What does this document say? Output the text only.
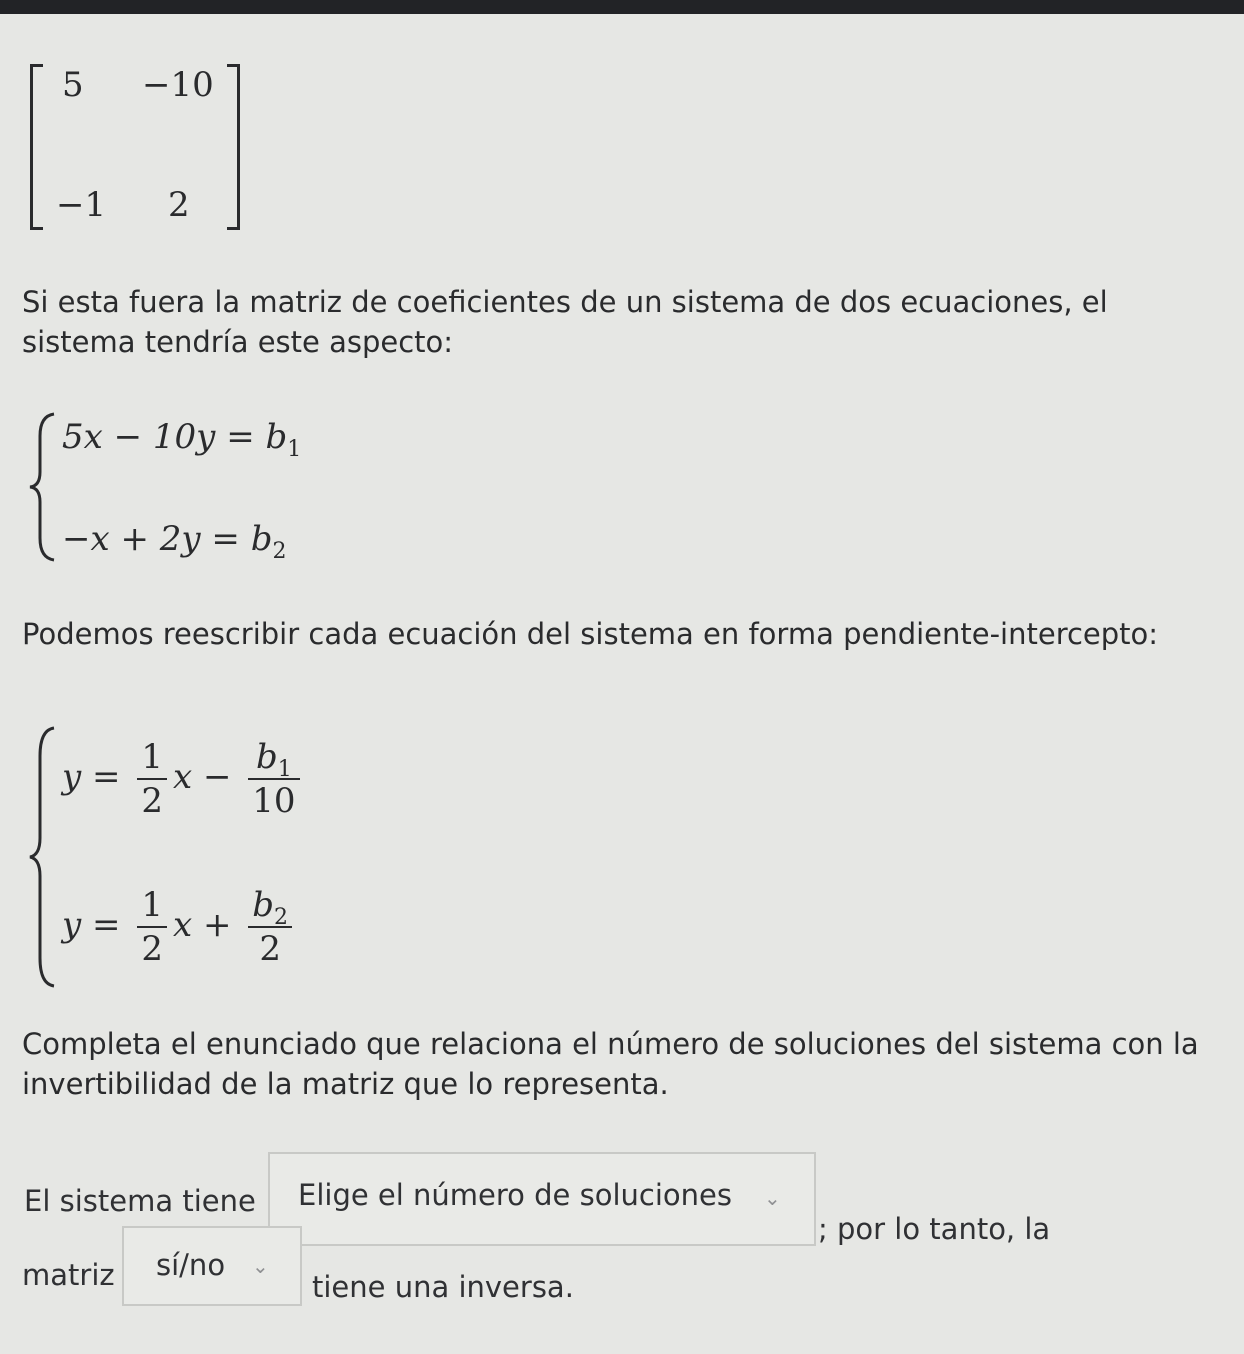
5 −10
−1 2

Si esta fuera la matriz de coeficientes de un sistema de dos ecuaciones, el sistema tendría este aspecto:

$5x - 10y = b_1$
$-x + 2y = b_2$

Podemos reescribir cada ecuación del sistema en forma pendiente-intercepto:

$y = \frac{1}{2}$ $x - \frac{b_1}{10}$
$y = \frac{1}{2}$ $x + \frac{b_2}{2}$

Completa el enunciado que relaciona el número de soluciones del sistema con la invertibilidad de la matriz que lo representa.

El sistema tiene Elige el número de soluciones ⌄
; por lo tanto, la
matriz sí/no ⌄
tiene una inversa.
